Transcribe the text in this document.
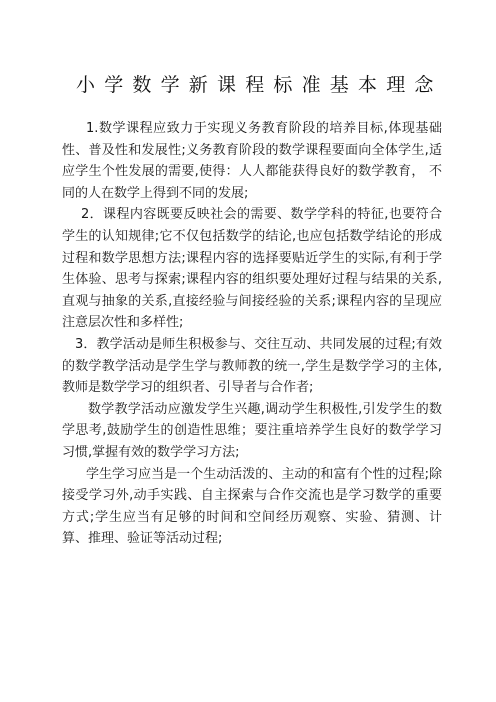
小学数学新课程标准基本理念

1.数学课程应致力于实现义务教育阶段的培养目标,体现基础性、普及性和发展性;义务教育阶段的数学课程要面向全体学生,适应学生个性发展的需要,使得：人人都能获得良好的数学教育， 不同的人在数学上得到不同的发展;

2．课程内容既要反映社会的需要、数学学科的特征,也要符合学生的认知规律;它不仅包括数学的结论,也应包括数学结论的形成过程和数学思想方法;课程内容的选择要贴近学生的实际,有利于学生体验、思考与探索;课程内容的组织要处理好过程与结果的关系,直观与抽象的关系,直接经验与间接经验的关系;课程内容的呈现应注意层次性和多样性;

3．教学活动是师生积极参与、交往互动、共同发展的过程;有效的数学教学活动是学生学与教师教的统一,学生是数学学习的主体,教师是数学学习的组织者、引导者与合作者;

数学教学活动应激发学生兴趣,调动学生积极性,引发学生的数学思考,鼓励学生的创造性思维；要注重培养学生良好的数学学习习惯,掌握有效的数学学习方法;

学生学习应当是一个生动活泼的、主动的和富有个性的过程;除接受学习外,动手实践、自主探索与合作交流也是学习数学的重要方式;学生应当有足够的时间和空间经历观察、实验、猜测、计算、推理、验证等活动过程;
